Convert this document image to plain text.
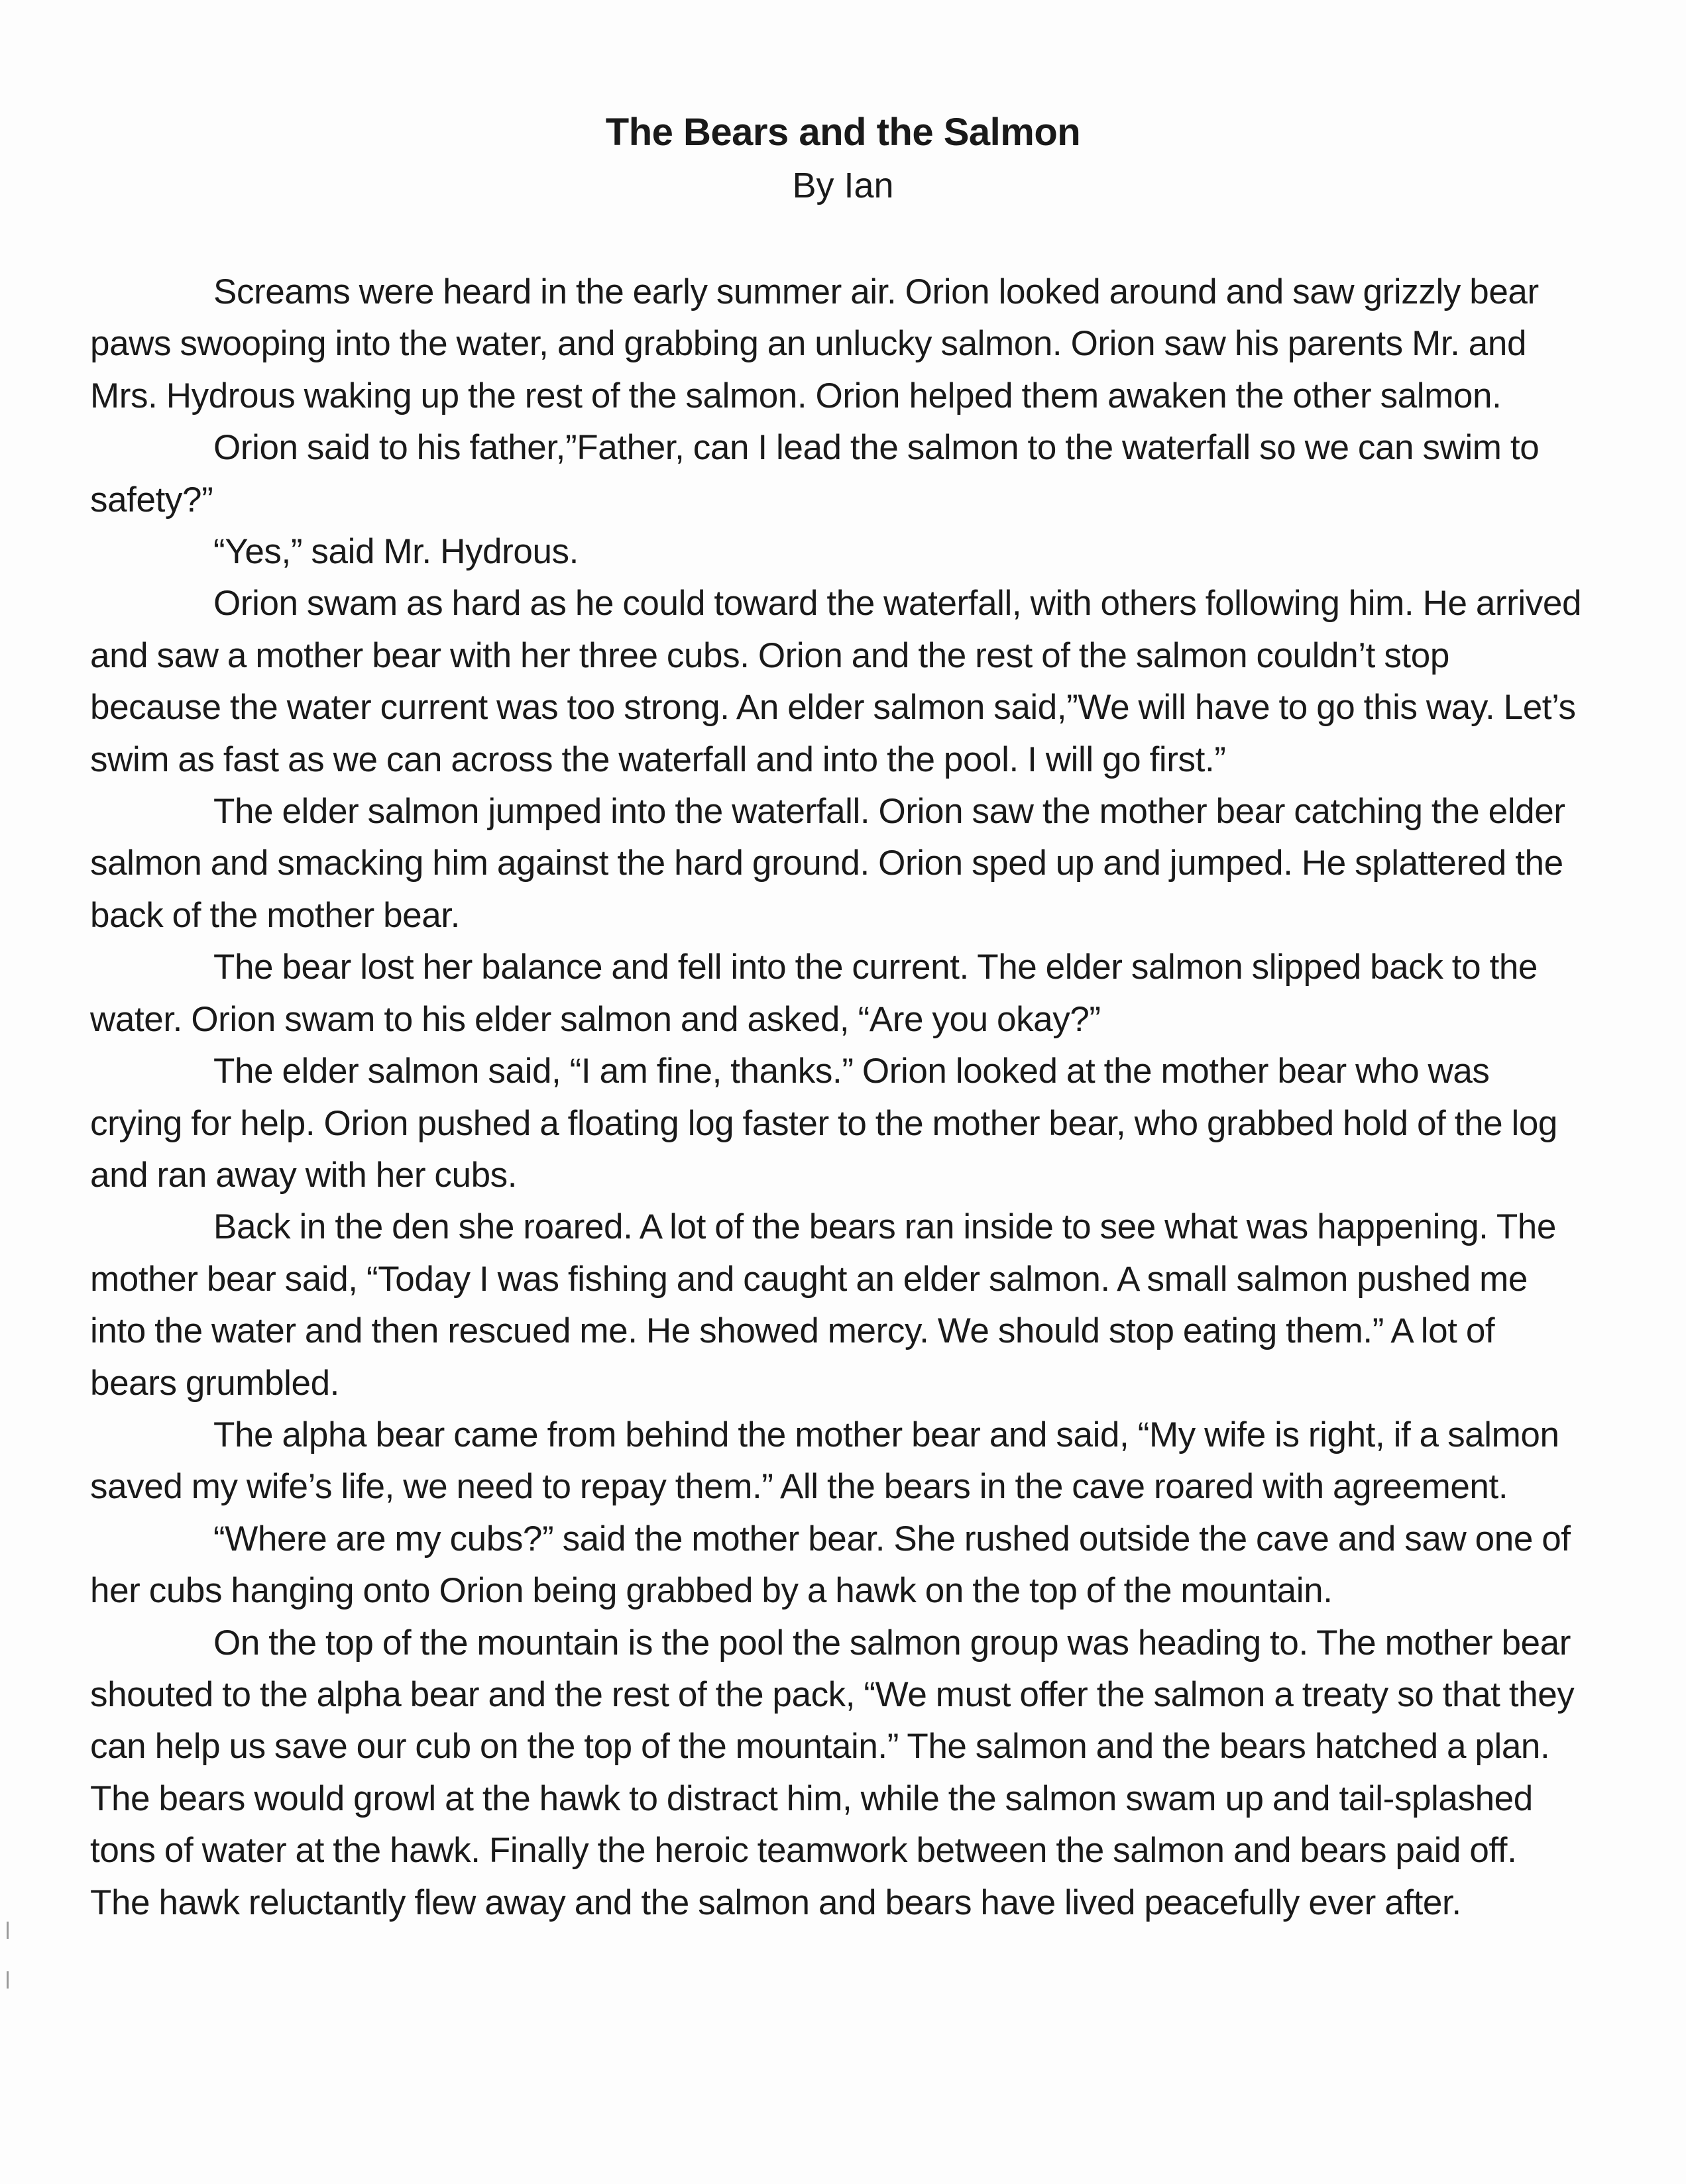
The Bears and the Salmon
By Ian

Screams were heard in the early summer air. Orion looked around and saw grizzly bear paws swooping into the water, and grabbing an unlucky salmon. Orion saw his parents Mr. and Mrs. Hydrous waking up the rest of the salmon. Orion helped them awaken the other salmon.

Orion said to his father,”Father, can I lead the salmon to the waterfall so we can swim to safety?”

“Yes,” said Mr. Hydrous.

Orion swam as hard as he could toward the waterfall, with others following him. He arrived and saw a mother bear with her three cubs. Orion and the rest of the salmon couldn’t stop because the water current was too strong. An elder salmon said,”We will have to go this way. Let’s swim as fast as we can across the waterfall and into the pool. I will go first.”

The elder salmon jumped into the waterfall. Orion saw the mother bear catching the elder salmon and smacking him against the hard ground. Orion sped up and jumped. He splattered the back of the mother bear.

The bear lost her balance and fell into the current. The elder salmon slipped back to the water. Orion swam to his elder salmon and asked, “Are you okay?”

The elder salmon said, “I am fine, thanks.” Orion looked at the mother bear who was crying for help. Orion pushed a floating log faster to the mother bear, who grabbed hold of the log and ran away with her cubs.

Back in the den she roared. A lot of the bears ran inside to see what was happening. The mother bear said, “Today I was fishing and caught an elder salmon. A small salmon pushed me into the water and then rescued me. He showed mercy. We should stop eating them.” A lot of bears grumbled.

The alpha bear came from behind the mother bear and said, “My wife is right, if a salmon saved my wife’s life, we need to repay them.” All the bears in the cave roared with agreement.

“Where are my cubs?” said the mother bear. She rushed outside the cave and saw one of her cubs hanging onto Orion being grabbed by a hawk on the top of the mountain.

On the top of the mountain is the pool the salmon group was heading to. The mother bear shouted to the alpha bear and the rest of the pack, “We must offer the salmon a treaty so that they can help us save our cub on the top of the mountain.” The salmon and the bears hatched a plan. The bears would growl at the hawk to distract him, while the salmon swam up and tail-splashed tons of water at the hawk. Finally the heroic teamwork between the salmon and bears paid off. The hawk reluctantly flew away and the salmon and bears have lived peacefully ever after.
